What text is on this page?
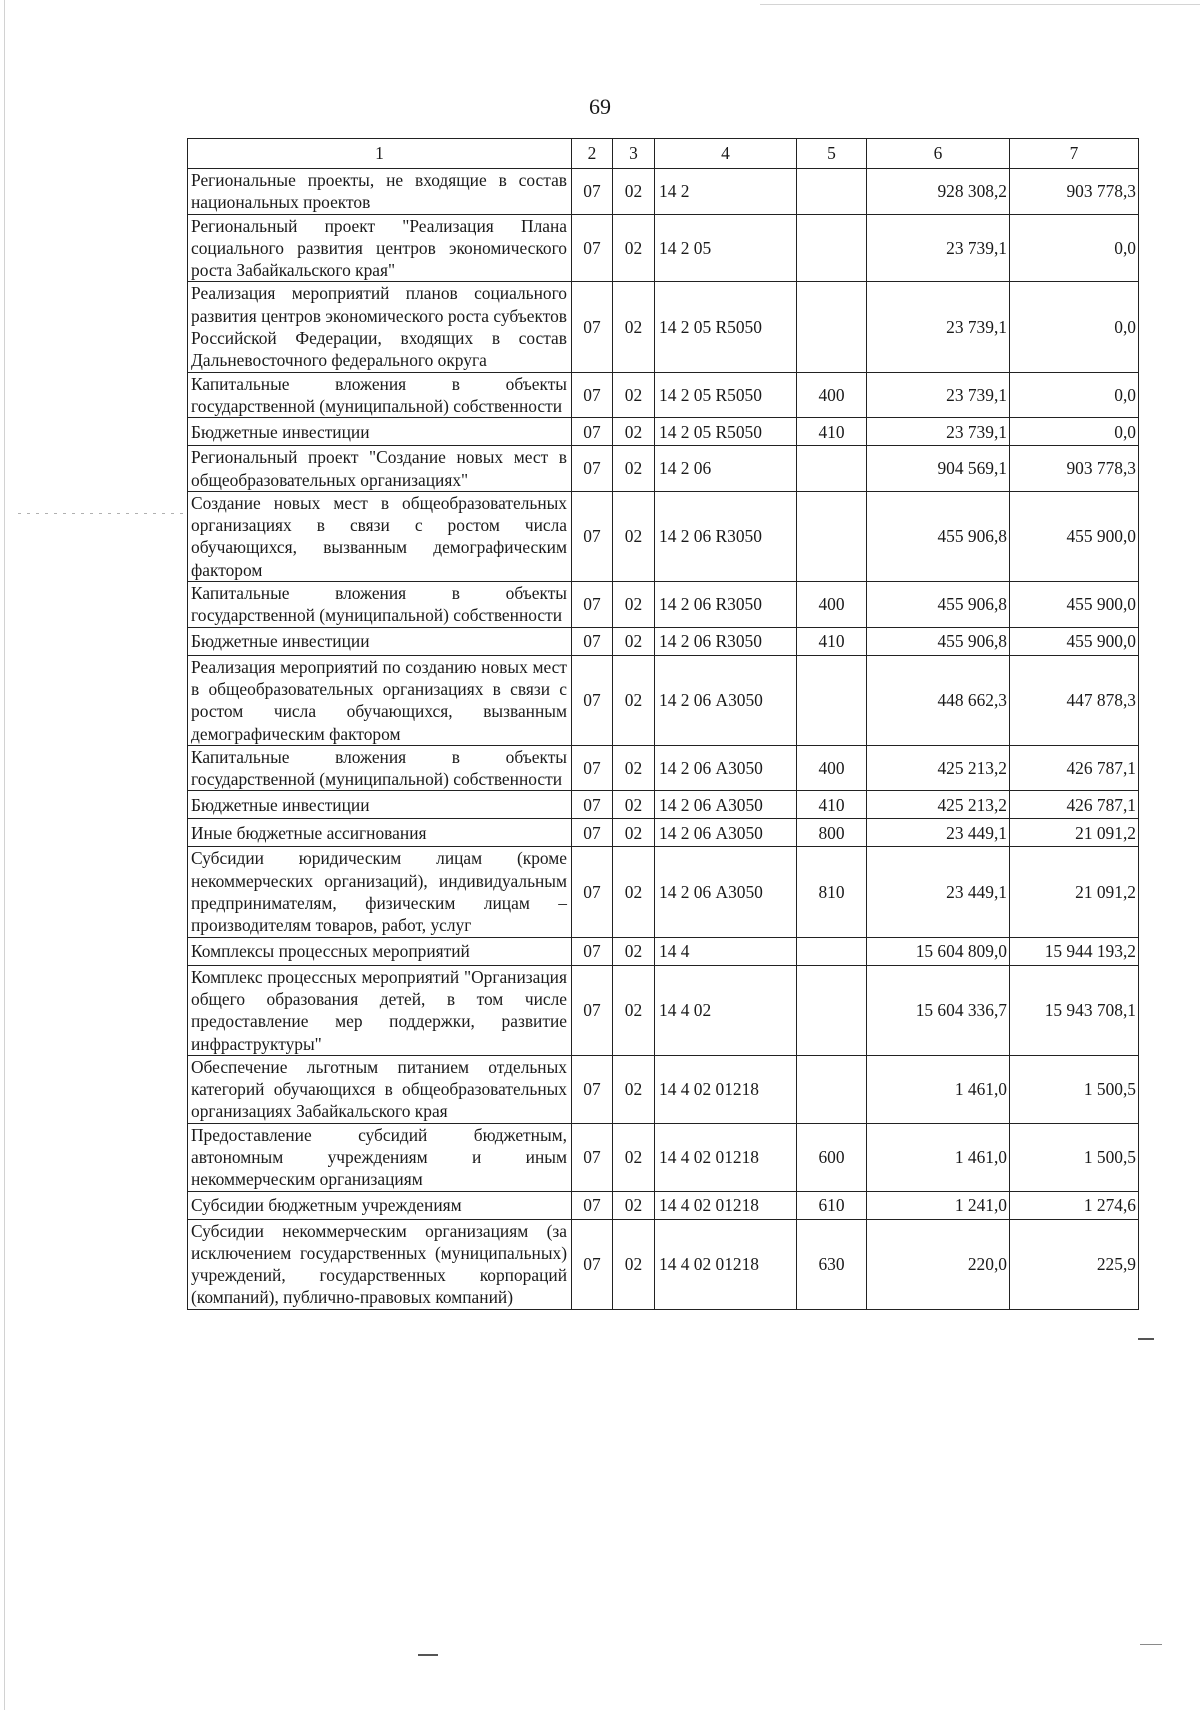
69
1	2	3	4	5	6	7
Региональные проекты, не входящие в состав национальных проектов	07	02	14 2		928 308,2	903 778,3
Региональный проект "Реализация Плана социального развития центров экономического роста Забайкальского края"	07	02	14 2 05		23 739,1	0,0
Реализация мероприятий планов социального развития центров экономического роста субъектов Российской Федерации, входящих в состав Дальневосточного федерального округа	07	02	14 2 05 R5050		23 739,1	0,0
Капитальные вложения в объекты государственной (муниципальной) собственности	07	02	14 2 05 R5050	400	23 739,1	0,0
Бюджетные инвестиции	07	02	14 2 05 R5050	410	23 739,1	0,0
Региональный проект "Создание новых мест в общеобразовательных организациях"	07	02	14 2 06		904 569,1	903 778,3
Создание новых мест в общеобразовательных организациях в связи с ростом числа обучающихся, вызванным демографическим фактором	07	02	14 2 06 R3050		455 906,8	455 900,0
Капитальные вложения в объекты государственной (муниципальной) собственности	07	02	14 2 06 R3050	400	455 906,8	455 900,0
Бюджетные инвестиции	07	02	14 2 06 R3050	410	455 906,8	455 900,0
Реализация мероприятий по созданию новых мест в общеобразовательных организациях в связи с ростом числа обучающихся, вызванным демографическим фактором	07	02	14 2 06 А3050		448 662,3	447 878,3
Капитальные вложения в объекты государственной (муниципальной) собственности	07	02	14 2 06 А3050	400	425 213,2	426 787,1
Бюджетные инвестиции	07	02	14 2 06 А3050	410	425 213,2	426 787,1
Иные бюджетные ассигнования	07	02	14 2 06 А3050	800	23 449,1	21 091,2
Субсидии юридическим лицам (кроме некоммерческих организаций), индивидуальным предпринимателям, физическим лицам – производителям товаров, работ, услуг	07	02	14 2 06 А3050	810	23 449,1	21 091,2
Комплексы процессных мероприятий	07	02	14 4		15 604 809,0	15 944 193,2
Комплекс процессных мероприятий "Организация общего образования детей, в том числе предоставление мер поддержки, развитие инфраструктуры"	07	02	14 4 02		15 604 336,7	15 943 708,1
Обеспечение льготным питанием отдельных категорий обучающихся в общеобразовательных организациях Забайкальского края	07	02	14 4 02 01218		1 461,0	1 500,5
Предоставление субсидий бюджетным, автономным учреждениям и иным некоммерческим организациям	07	02	14 4 02 01218	600	1 461,0	1 500,5
Субсидии бюджетным учреждениям	07	02	14 4 02 01218	610	1 241,0	1 274,6
Субсидии некоммерческим организациям (за исключением государственных (муниципальных) учреждений, государственных корпораций (компаний), публично-правовых компаний)	07	02	14 4 02 01218	630	220,0	225,9
